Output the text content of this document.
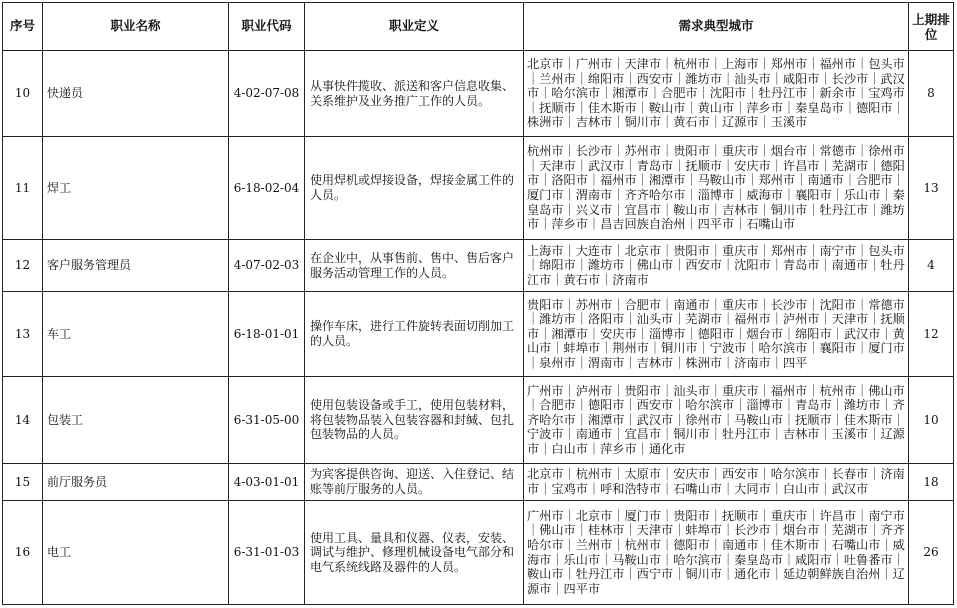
序号	职业名称	职业代码	职业定义	需求典型城市	上期排位
10	快递员	4-02-07-08	从事快件揽收、派送和客户信息收集、关系维护及业务推广工作的人员。	北京市｜广州市｜天津市｜杭州市｜上海市｜郑州市｜福州市｜包头市｜兰州市｜绵阳市｜西安市｜潍坊市｜汕头市｜咸阳市｜长沙市｜武汉市｜哈尔滨市｜湘潭市｜合肥市｜沈阳市｜牡丹江市｜新余市｜宝鸡市｜抚顺市｜佳木斯市｜鞍山市｜黄山市｜萍乡市｜秦皇岛市｜德阳市｜株洲市｜吉林市｜铜川市｜黄石市｜辽源市｜玉溪市	8
11	焊工	6-18-02-04	使用焊机或焊接设备，焊接金属工件的人员。	杭州市｜长沙市｜苏州市｜贵阳市｜重庆市｜烟台市｜常德市｜徐州市｜天津市｜武汉市｜青岛市｜抚顺市｜安庆市｜许昌市｜芜湖市｜德阳市｜洛阳市｜福州市｜湘潭市｜马鞍山市｜郑州市｜南通市｜合肥市｜厦门市｜渭南市｜齐齐哈尔市｜淄博市｜威海市｜襄阳市｜乐山市｜秦皇岛市｜兴义市｜宜昌市｜鞍山市｜吉林市｜铜川市｜牡丹江市｜潍坊市｜萍乡市｜昌吉回族自治州｜四平市｜石嘴山市	13
12	客户服务管理员	4-07-02-03	在企业中，从事售前、售中、售后客户服务活动管理工作的人员。	上海市｜大连市｜北京市｜贵阳市｜重庆市｜郑州市｜南宁市｜包头市｜绵阳市｜潍坊市｜佛山市｜西安市｜沈阳市｜青岛市｜南通市｜牡丹江市｜黄石市｜济南市	4
13	车工	6-18-01-01	操作车床，进行工件旋转表面切削加工的人员。	贵阳市｜苏州市｜合肥市｜南通市｜重庆市｜长沙市｜沈阳市｜常德市｜潍坊市｜洛阳市｜汕头市｜芜湖市｜福州市｜泸州市｜天津市｜抚顺市｜湘潭市｜安庆市｜淄博市｜德阳市｜烟台市｜绵阳市｜武汉市｜黄山市｜蚌埠市｜荆州市｜铜川市｜宁波市｜哈尔滨市｜襄阳市｜厦门市｜泉州市｜渭南市｜吉林市｜株洲市｜济南市｜四平	12
14	包装工	6-31-05-00	使用包装设备或手工，使用包装材料，将包装物品装入包装容器和封缄、包扎包装物品的人员。	广州市｜泸州市｜贵阳市｜汕头市｜重庆市｜福州市｜杭州市｜佛山市｜合肥市｜德阳市｜西安市｜哈尔滨市｜淄博市｜青岛市｜潍坊市｜齐齐哈尔市｜湘潭市｜武汉市｜徐州市｜马鞍山市｜抚顺市｜佳木斯市｜宁波市｜南通市｜宜昌市｜铜川市｜牡丹江市｜吉林市｜玉溪市｜辽源市｜白山市｜萍乡市｜通化市	10
15	前厅服务员	4-03-01-01	为宾客提供咨询、迎送、入住登记、结账等前厅服务的人员。	北京市｜杭州市｜太原市｜安庆市｜西安市｜哈尔滨市｜长春市｜济南市｜宝鸡市｜呼和浩特市｜石嘴山市｜大同市｜白山市｜武汉市	18
16	电工	6-31-01-03	使用工具、量具和仪器、仪表，安装、调试与维护、修理机械设备电气部分和电气系统线路及器件的人员。	广州市｜北京市｜厦门市｜贵阳市｜抚顺市｜重庆市｜许昌市｜南宁市｜佛山市｜桂林市｜天津市｜蚌埠市｜长沙市｜烟台市｜芜湖市｜齐齐哈尔市｜兰州市｜杭州市｜德阳市｜南通市｜佳木斯市｜石嘴山市｜威海市｜乐山市｜马鞍山市｜哈尔滨市｜秦皇岛市｜咸阳市｜吐鲁番市｜鞍山市｜牡丹江市｜西宁市｜铜川市｜通化市｜延边朝鲜族自治州｜辽源市｜四平市	26
